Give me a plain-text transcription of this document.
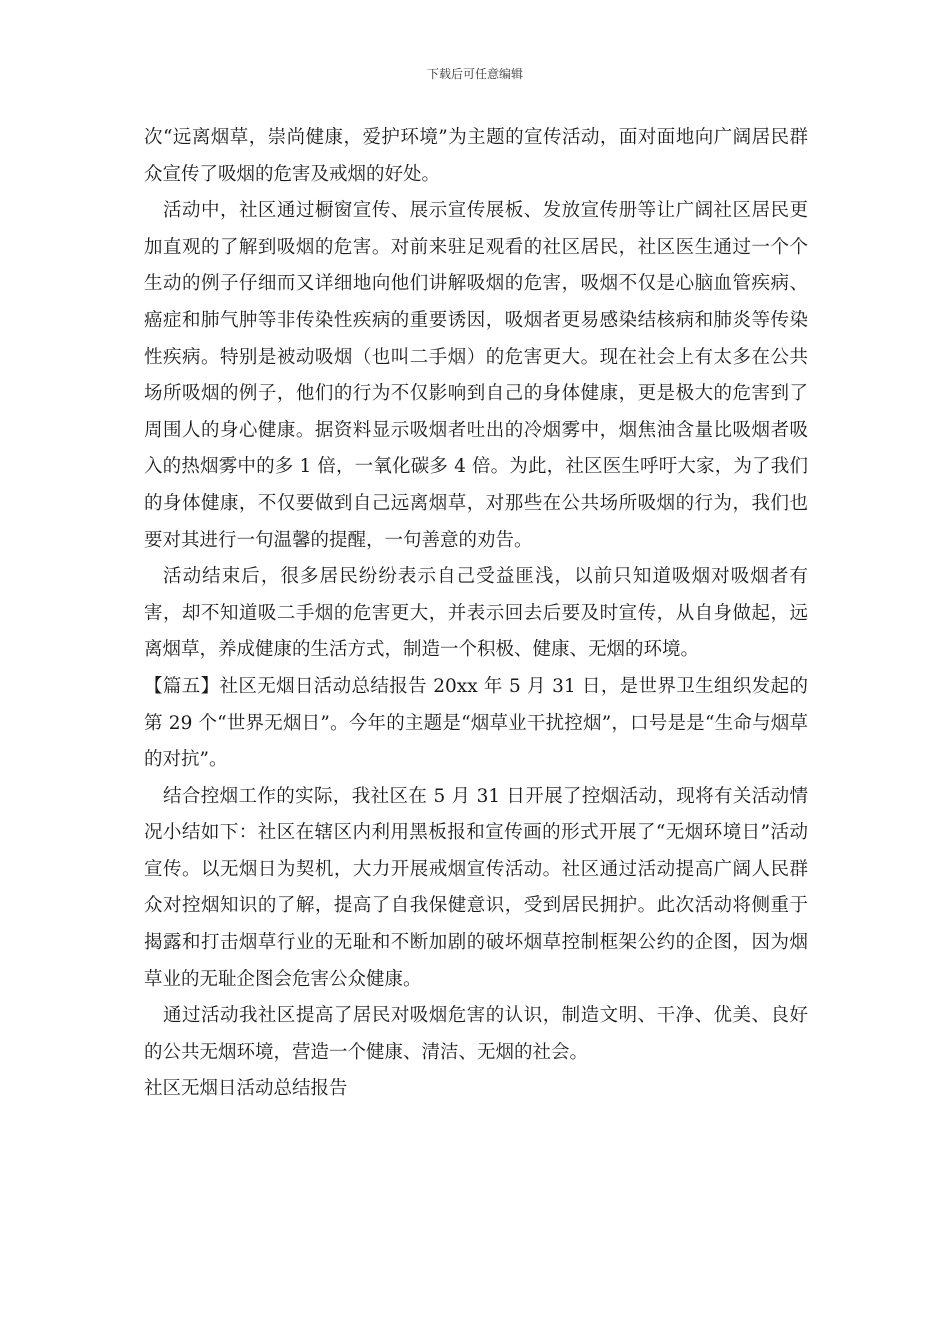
下载后可任意编辑

次“远离烟草，崇尚健康，爱护环境”为主题的宣传活动，面对面地向广阔居民群众宣传了吸烟的危害及戒烟的好处。

活动中，社区通过橱窗宣传、展示宣传展板、发放宣传册等让广阔社区居民更加直观的了解到吸烟的危害。对前来驻足观看的社区居民，社区医生通过一个个生动的例子仔细而又详细地向他们讲解吸烟的危害，吸烟不仅是心脑血管疾病、癌症和肺气肿等非传染性疾病的重要诱因，吸烟者更易感染结核病和肺炎等传染性疾病。特别是被动吸烟（也叫二手烟）的危害更大。现在社会上有太多在公共场所吸烟的例子，他们的行为不仅影响到自己的身体健康，更是极大的危害到了周围人的身心健康。据资料显示吸烟者吐出的冷烟雾中，烟焦油含量比吸烟者吸入的热烟雾中的多 1 倍，一氧化碳多 4 倍。为此，社区医生呼吁大家，为了我们的身体健康，不仅要做到自己远离烟草，对那些在公共场所吸烟的行为，我们也要对其进行一句温馨的提醒，一句善意的劝告。

活动结束后，很多居民纷纷表示自己受益匪浅，以前只知道吸烟对吸烟者有害，却不知道吸二手烟的危害更大，并表示回去后要及时宣传，从自身做起，远离烟草，养成健康的生活方式，制造一个积极、健康、无烟的环境。

【篇五】社区无烟日活动总结报告 20xx 年 5 月 31 日，是世界卫生组织发起的第 29 个“世界无烟日”。今年的主题是“烟草业干扰控烟”，口号是是“生命与烟草的对抗”。

结合控烟工作的实际，我社区在 5 月 31 日开展了控烟活动，现将有关活动情况小结如下：社区在辖区内利用黑板报和宣传画的形式开展了“无烟环境日”活动宣传。以无烟日为契机，大力开展戒烟宣传活动。社区通过活动提高广阔人民群众对控烟知识的了解，提高了自我保健意识，受到居民拥护。此次活动将侧重于揭露和打击烟草行业的无耻和不断加剧的破坏烟草控制框架公约的企图，因为烟草业的无耻企图会危害公众健康。

通过活动我社区提高了居民对吸烟危害的认识，制造文明、干净、优美、良好的公共无烟环境，营造一个健康、清洁、无烟的社会。

社区无烟日活动总结报告
